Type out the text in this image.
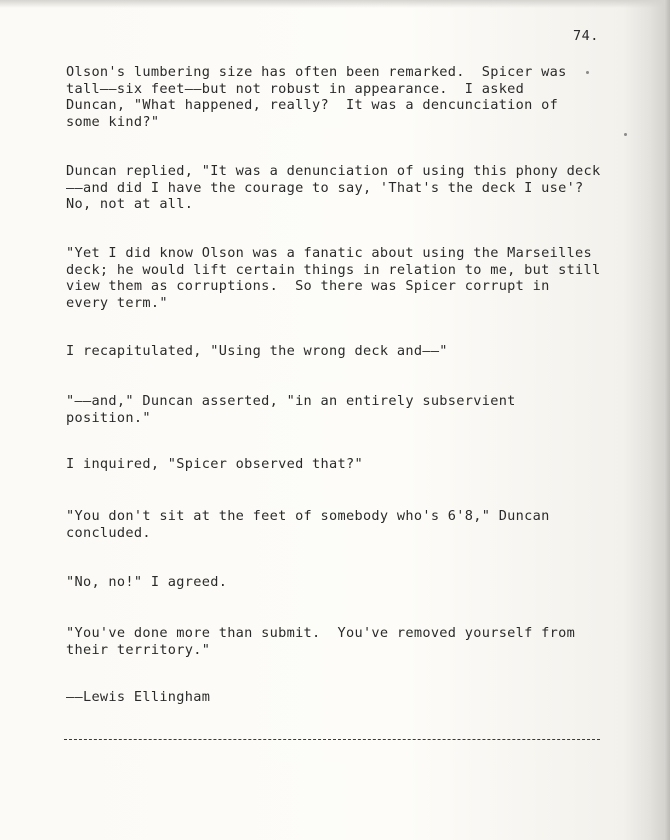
74.
Olson's lumbering size has often been remarked.  Spicer was
tall——six feet——but not robust in appearance.  I asked
Duncan, "What happened, really?  It was a dencunciation of
some kind?"
Duncan replied, "It was a denunciation of using this phony deck
——and did I have the courage to say, 'That's the deck I use'?
No, not at all.
"Yet I did know Olson was a fanatic about using the Marseilles
deck; he would lift certain things in relation to me, but still
view them as corruptions.  So there was Spicer corrupt in
every term."
I recapitulated, "Using the wrong deck and——"
"——and," Duncan asserted, "in an entirely subservient
position."
I inquired, "Spicer observed that?"
"You don't sit at the feet of somebody who's 6'8," Duncan
concluded.
"No, no!" I agreed.
"You've done more than submit.  You've removed yourself from
their territory."
——Lewis Ellingham
